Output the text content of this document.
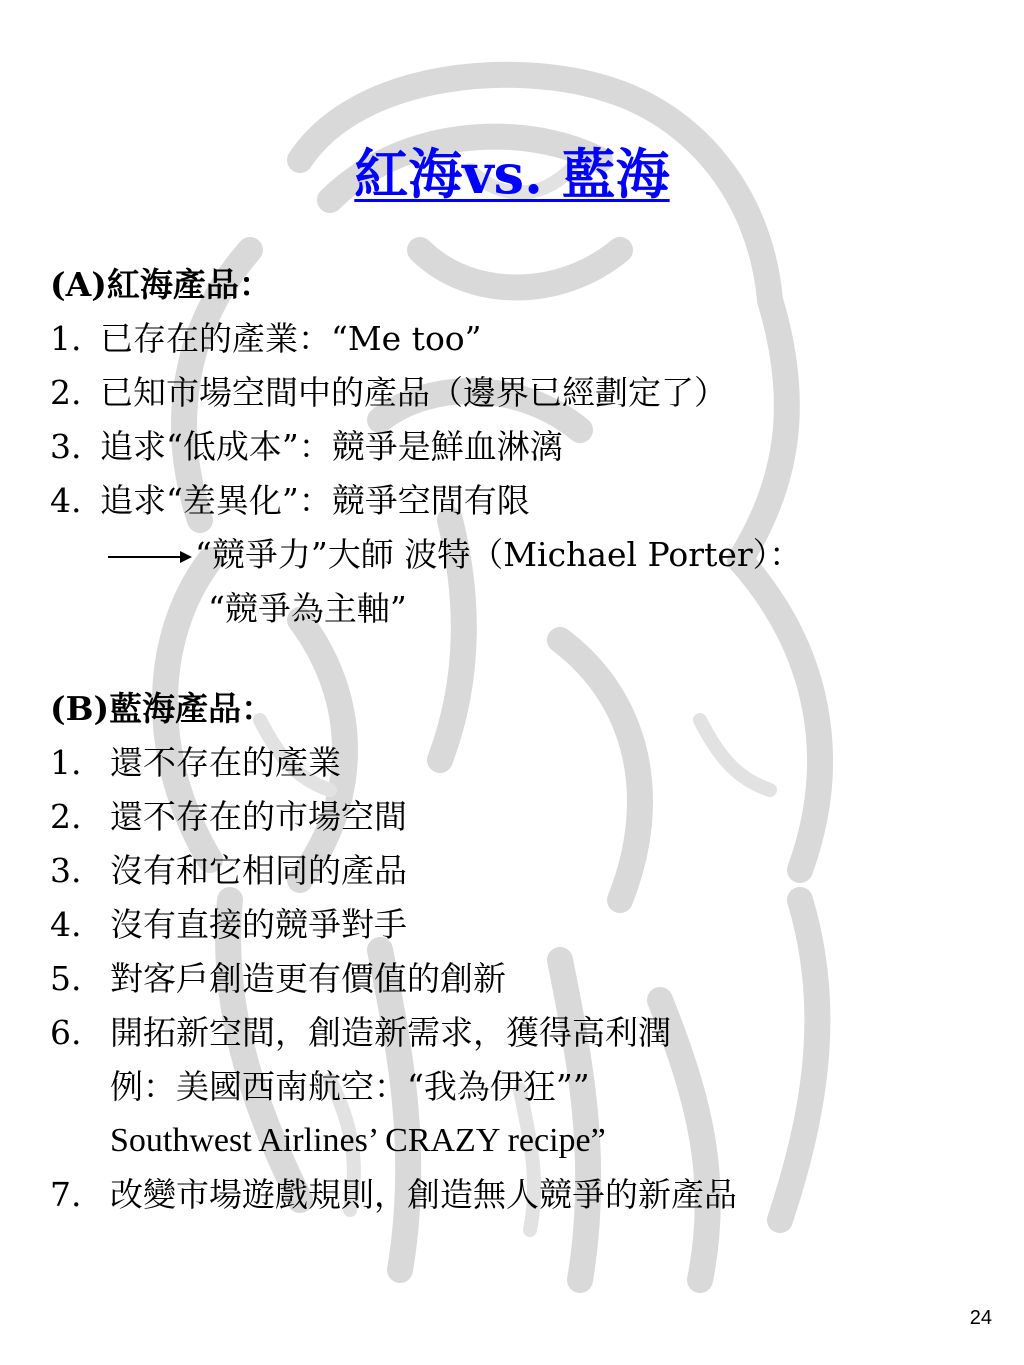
紅海vs. 藍海
(A)紅海產品：
1. 已存在的產業：“Me too”
2. 已知市場空間中的產品（邊界已經劃定了）
3. 追求“低成本”：競爭是鮮血淋漓
4. 追求“差異化”：競爭空間有限
“競爭力”大師 波特（Michael Porter）：
“競爭為主軸”
(B)藍海產品：
1. 還不存在的產業
2. 還不存在的市場空間
3. 沒有和它相同的產品
4. 沒有直接的競爭對手
5. 對客戶創造更有價值的創新
6. 開拓新空間，創造新需求，獲得高利潤
例：美國西南航空：“我為伊狂””
Southwest Airlines’ CRAZY recipe”
7. 改變市場遊戲規則，創造無人競爭的新產品
24
